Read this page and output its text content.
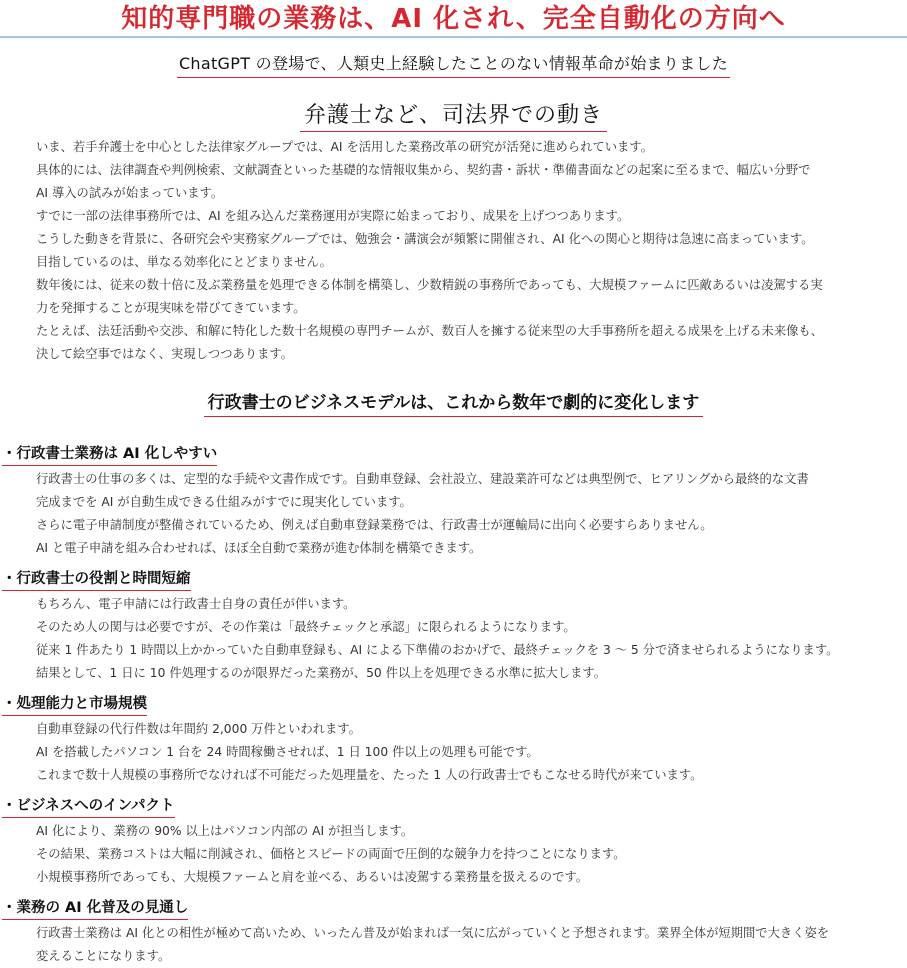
知的専門職の業務は、AI 化され、完全自動化の方向へ
ChatGPT の登場で、人類史上経験したことのない情報革命が始まりました
弁護士など、司法界での動き

いま、若手弁護士を中心とした法律家グループでは、AI を活用した業務改革の研究が活発に進められています。

具体的には、法律調査や判例検索、文献調査といった基礎的な情報収集から、契約書・訴状・準備書面などの起案に至るまで、幅広い分野で

AI 導入の試みが始まっています。

すでに一部の法律事務所では、AI を組み込んだ業務運用が実際に始まっており、成果を上げつつあります。

こうした動きを背景に、各研究会や実務家グループでは、勉強会・講演会が頻繁に開催され、AI 化への関心と期待は急速に高まっています。

目指しているのは、単なる効率化にとどまりません。

数年後には、従来の数十倍に及ぶ業務量を処理できる体制を構築し、少数精鋭の事務所であっても、大規模ファームに匹敵あるいは凌駕する実

力を発揮することが現実味を帯びてきています。

たとえば、法廷活動や交渉、和解に特化した数十名規模の専門チームが、数百人を擁する従来型の大手事務所を超える成果を上げる未来像も、

決して絵空事ではなく、実現しつつあります。

行政書士のビジネスモデルは、これから数年で劇的に変化します
・行政書士業務は AI 化しやすい

行政書士の仕事の多くは、定型的な手続や文書作成です。自動車登録、会社設立、建設業許可などは典型例で、ヒアリングから最終的な文書

完成までを AI が自動生成できる仕組みがすでに現実化しています。

さらに電子申請制度が整備されているため、例えば自動車登録業務では、行政書士が運輸局に出向く必要すらありません。

AI と電子申請を組み合わせれば、ほぼ全自動で業務が進む体制を構築できます。

・行政書士の役割と時間短縮

もちろん、電子申請には行政書士自身の責任が伴います。

そのため人の関与は必要ですが、その作業は「最終チェックと承認」に限られるようになります。

従来 1 件あたり 1 時間以上かかっていた自動車登録も、AI による下準備のおかげで、最終チェックを 3 〜 5 分で済ませられるようになります。

結果として、1 日に 10 件処理するのが限界だった業務が、50 件以上を処理できる水準に拡大します。

・処理能力と市場規模

自動車登録の代行件数は年間約 2,000 万件といわれます。

AI を搭載したパソコン 1 台を 24 時間稼働させれば、1 日 100 件以上の処理も可能です。

これまで数十人規模の事務所でなければ不可能だった処理量を、たった 1 人の行政書士でもこなせる時代が来ています。

・ビジネスへのインパクト

AI 化により、業務の 90% 以上はパソコン内部の AI が担当します。

その結果、業務コストは大幅に削減され、価格とスピードの両面で圧倒的な競争力を持つことになります。

小規模事務所であっても、大規模ファームと肩を並べる、あるいは凌駕する業務量を扱えるのです。

・業務の AI 化普及の見通し

行政書士業務は AI 化との相性が極めて高いため、いったん普及が始まれば一気に広がっていくと予想されます。業界全体が短期間で大きく姿を

変えることになります。
